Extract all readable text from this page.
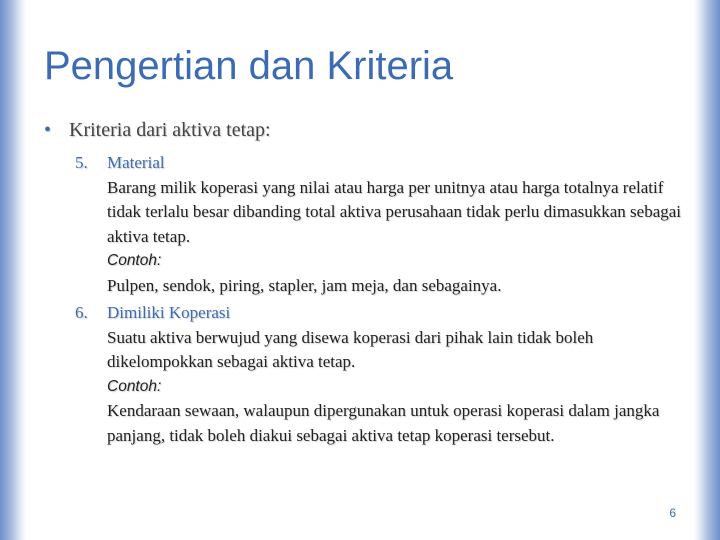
Pengertian dan Kriteria
• Kriteria dari aktiva tetap:
5. Material
Barang milik koperasi yang nilai atau harga per unitnya atau harga totalnya relatif tidak terlalu besar dibanding total aktiva perusahaan tidak perlu dimasukkan sebagai aktiva tetap.
Contoh:
Pulpen, sendok, piring, stapler, jam meja, dan sebagainya.
6. Dimiliki Koperasi
Suatu aktiva berwujud yang disewa koperasi dari pihak lain tidak boleh dikelompokkan sebagai aktiva tetap.
Contoh:
Kendaraan sewaan, walaupun dipergunakan untuk operasi koperasi dalam jangka panjang, tidak boleh diakui sebagai aktiva tetap koperasi tersebut.
6
